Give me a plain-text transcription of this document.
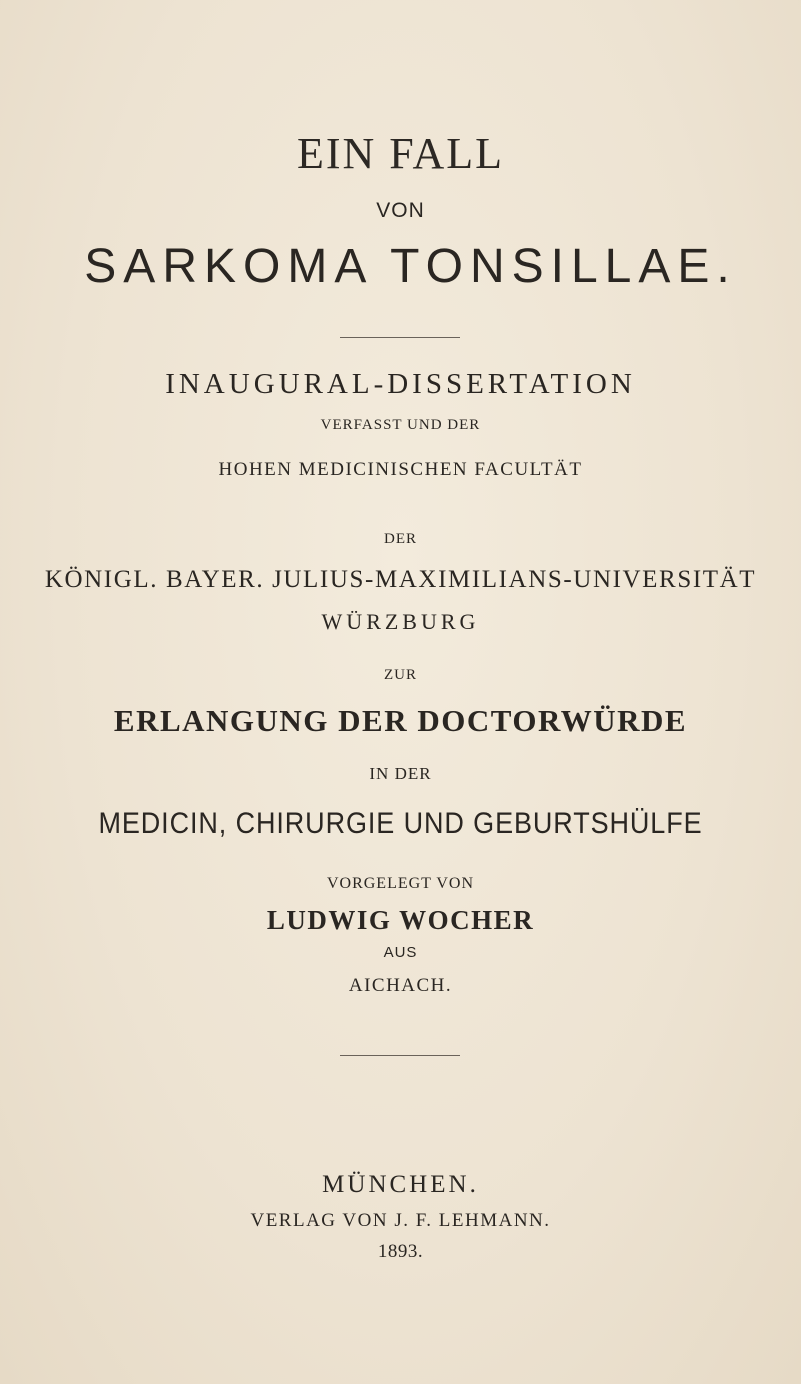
EIN FALL
VON
SARKOMA TONSILLAE.
INAUGURAL-DISSERTATION
VERFASST UND DER
HOHEN MEDICINISCHEN FACULTÄT
DER
KÖNIGL. BAYER. JULIUS-MAXIMILIANS-UNIVERSITÄT
WÜRZBURG
ZUR
ERLANGUNG DER DOCTORWÜRDE
IN DER
MEDICIN, CHIRURGIE UND GEBURTSHÜLFE
VORGELEGT VON
LUDWIG WOCHER
AUS
AICHACH.
MÜNCHEN.
VERLAG VON J. F. LEHMANN.
1893.
